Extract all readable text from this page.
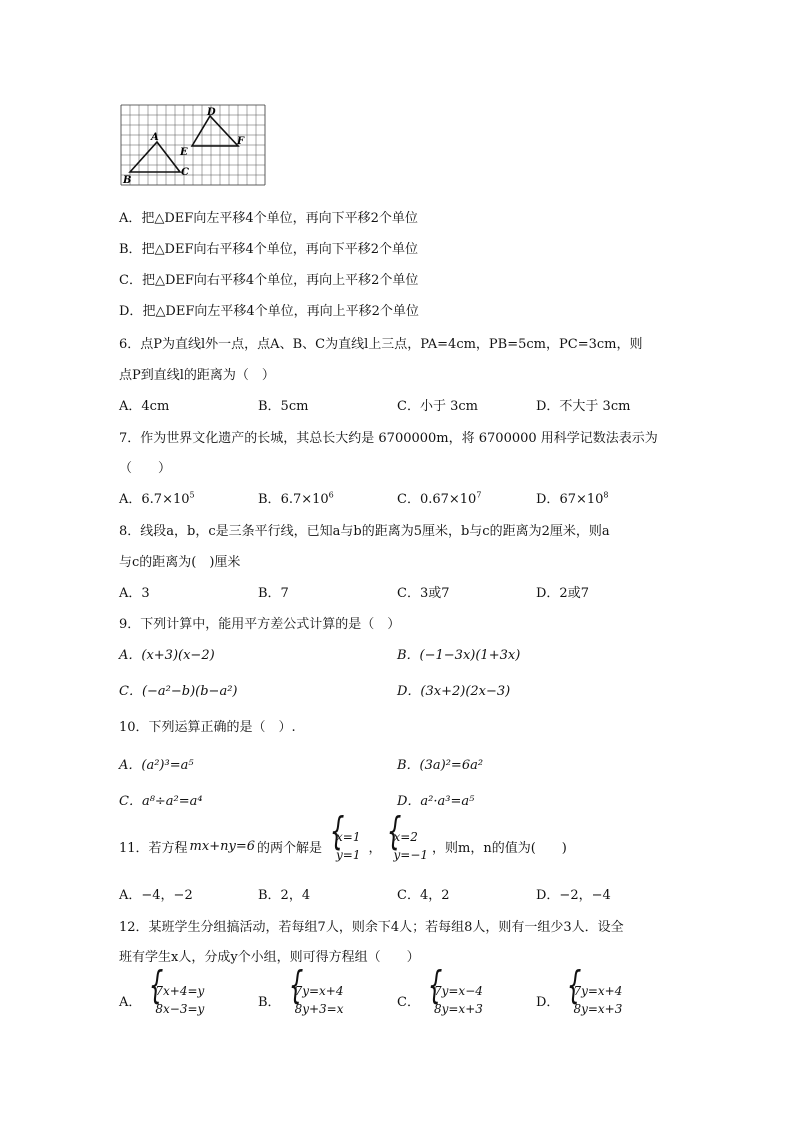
A
B
C
D
E
F
A．把△DEF向左平移4个单位，再向下平移2个单位
B．把△DEF向右平移4个单位，再向下平移2个单位
C．把△DEF向右平移4个单位，再向上平移2个单位
D．把△DEF向左平移4个单位，再向上平移2个单位
6．点P为直线l外一点，点A、B、C为直线l上三点，PA=4cm，PB=5cm，PC=3cm，则
点P到直线l的距离为（　）
A．4cm	B．5cm	C．小于 3cm	D．不大于 3cm
7．作为世界文化遗产的长城，其总长大约是 6700000m，将 6700000 用科学记数法表示为
（　　）
A．$6.7\times 10^5$	B．$6.7\times 10^6$	C．$0.67\times 10^7$	D．$67\times 10^8$
8．线段a，b，c是三条平行线，已知a与b的距离为5厘米，b与c的距离为2厘米，则a
与c的距离为(　)厘米
A．3	B．7	C．3或7	D．2或7
9．下列计算中，能用平方差公式计算的是（　）
A．(x+3)(x−2)	B．(−1−3x)(1+3x)
C．(−a²−b)(b−a²)	D．(3x+2)(2x−3)
10．下列运算正确的是（　）.
A．(a²)³=a⁵	B．(3a)²=6a²
C．a⁸÷a²=a⁴	D．a²·a³=a⁵
11．若方程 mx+ny=6 的两个解是
{ x=1
y=1 ，
{ x=2
y=−1 ，则m，n的值为(　　)
A．−4，−2	B．2，4	C．4，2	D．−2，−4
12．某班学生分组搞活动，若每组7人，则余下4人；若每组8人，则有一组少3人．设全
班有学生x人，分成y个小组，则可得方程组（　　）
A．
{ 7x+4=y
8x−3=y	B．
{ 7y=x+4
8y+3=x	C．
{ 7y=x−4
8y=x+3	D．
{ 7y=x+4
8y=x+3
